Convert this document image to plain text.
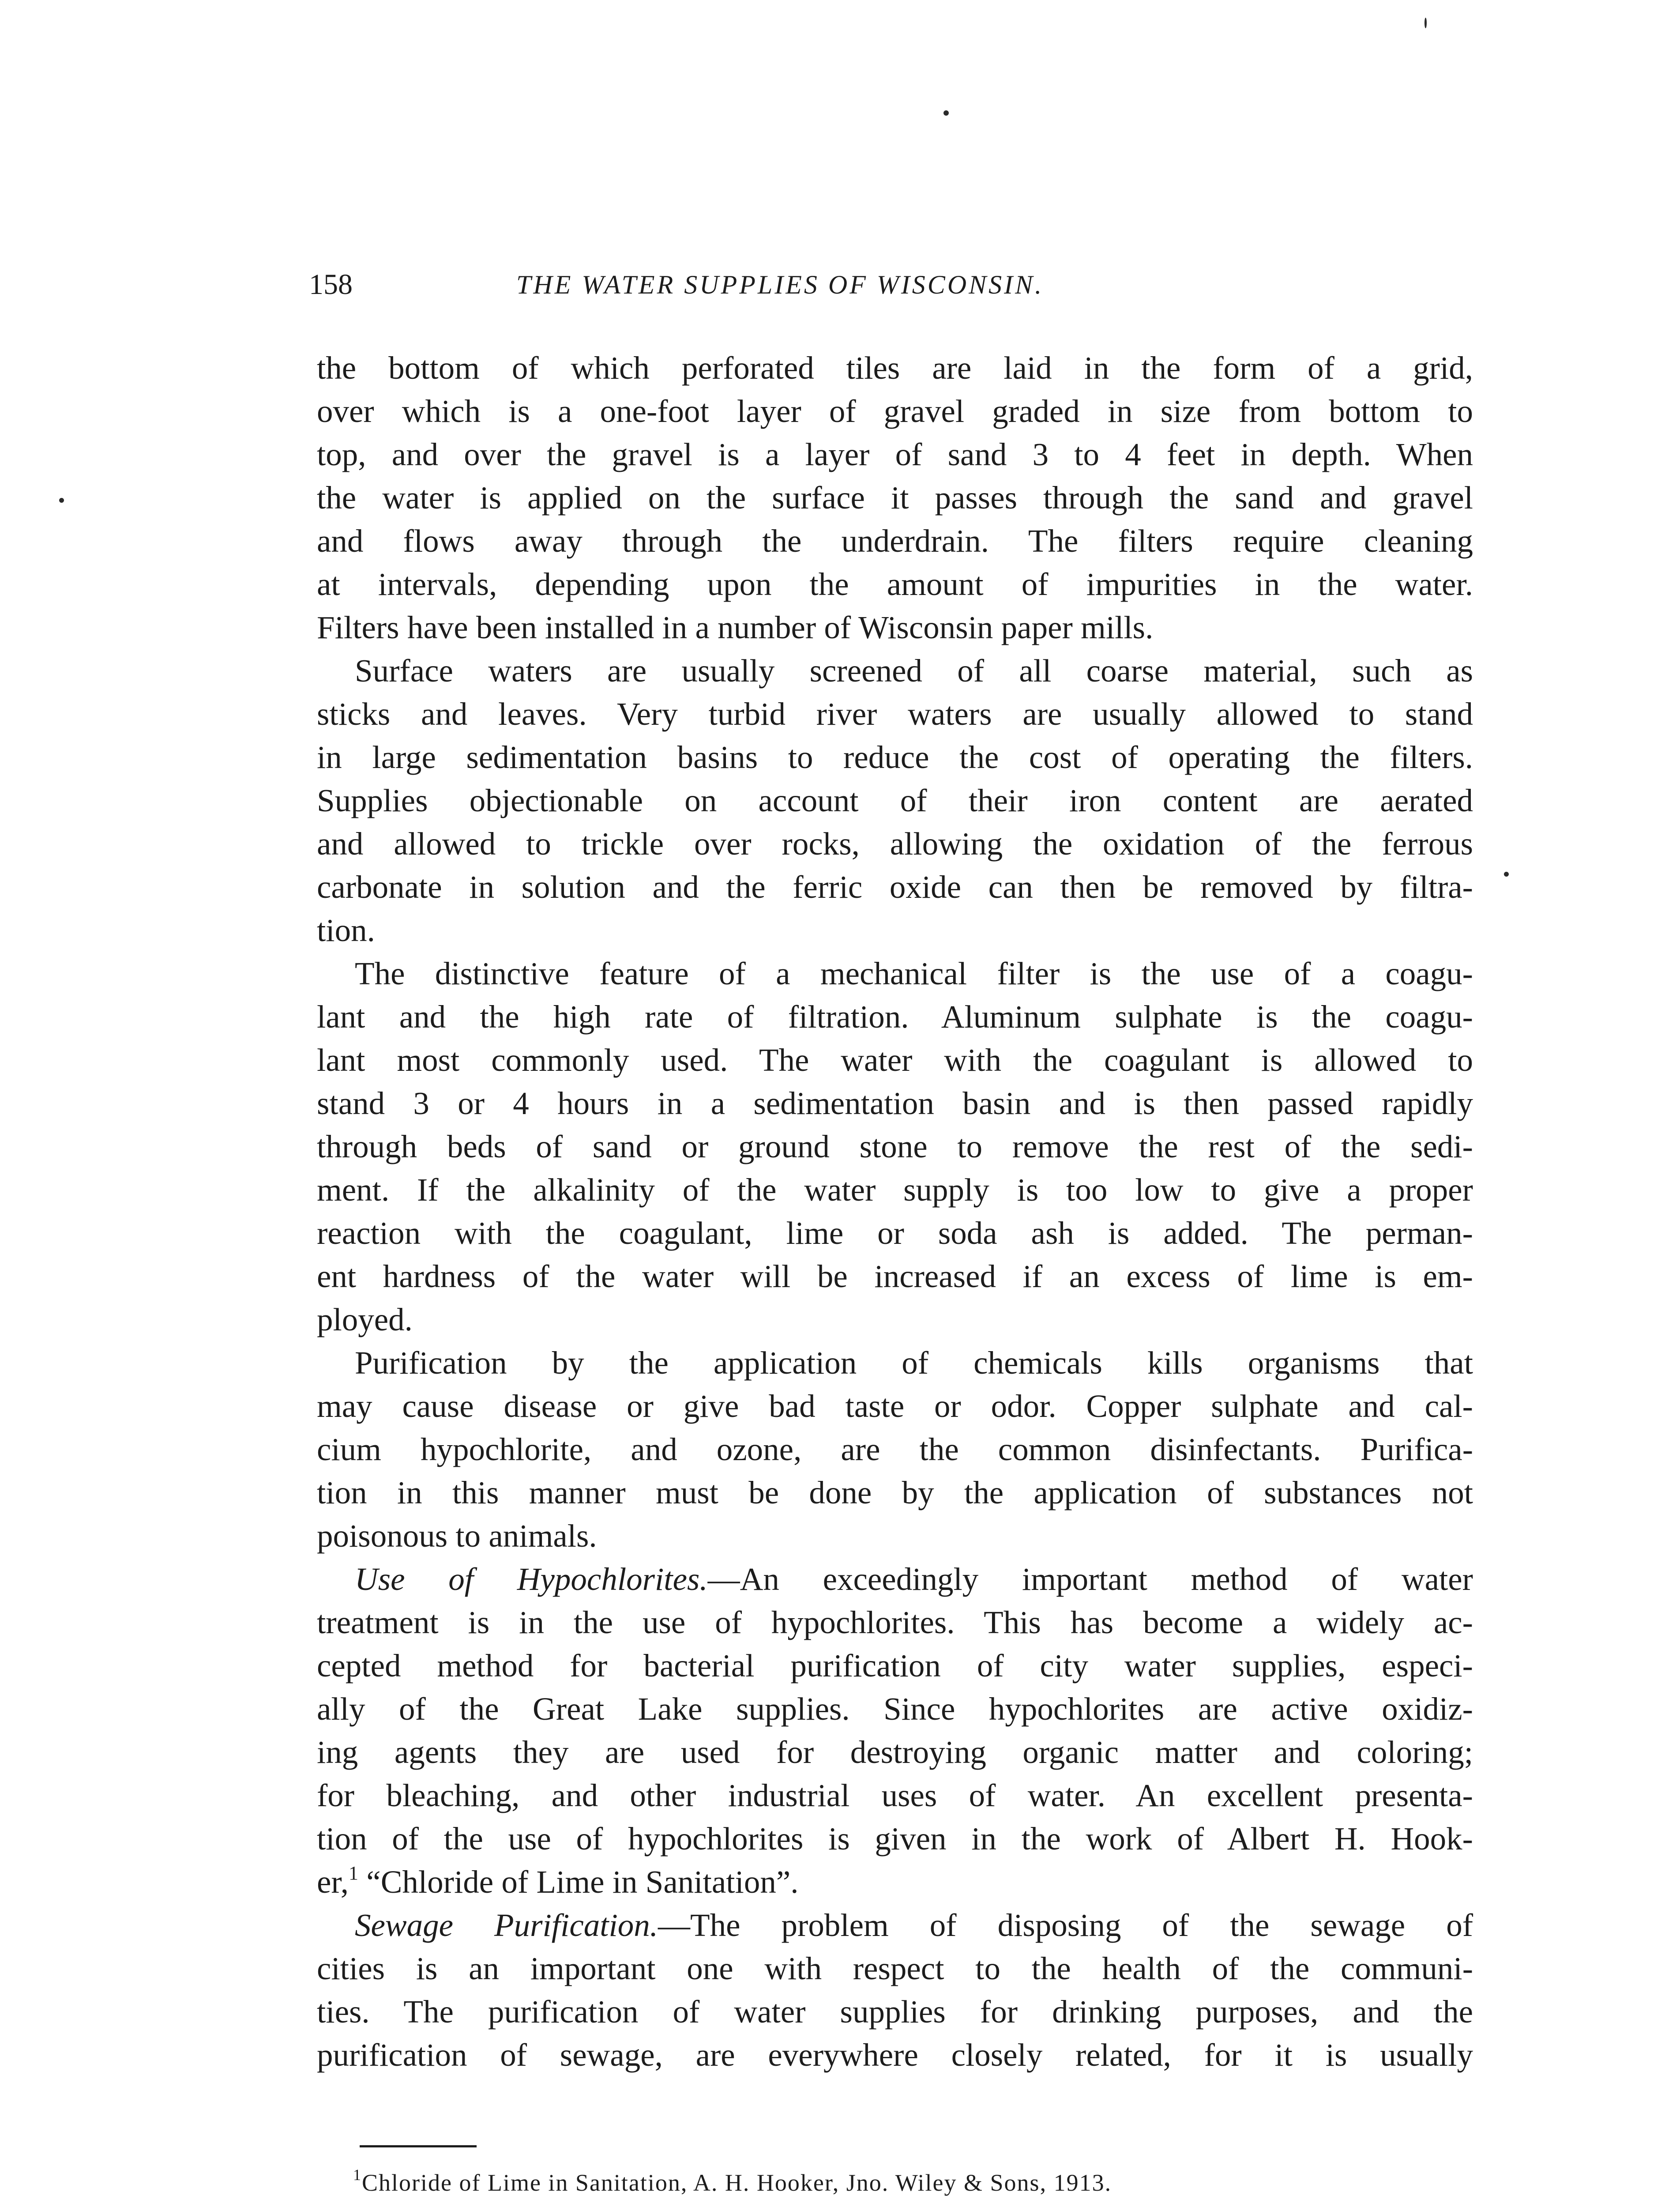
158	THE WATER SUPPLIES OF WISCONSIN.
the bottom of which perforated tiles are laid in the form of a grid,
over which is a one-foot layer of gravel graded in size from bottom to
top, and over the gravel is a layer of sand 3 to 4 feet in depth. When
the water is applied on the surface it passes through the sand and gravel
and flows away through the underdrain. The filters require cleaning
at intervals, depending upon the amount of impurities in the water.
Filters have been installed in a number of Wisconsin paper mills.
Surface waters are usually screened of all coarse material, such as
sticks and leaves. Very turbid river waters are usually allowed to stand
in large sedimentation basins to reduce the cost of operating the filters.
Supplies objectionable on account of their iron content are aerated
and allowed to trickle over rocks, allowing the oxidation of the ferrous
carbonate in solution and the ferric oxide can then be removed by filtra-
tion.
The distinctive feature of a mechanical filter is the use of a coagu-
lant and the high rate of filtration. Aluminum sulphate is the coagu-
lant most commonly used. The water with the coagulant is allowed to
stand 3 or 4 hours in a sedimentation basin and is then passed rapidly
through beds of sand or ground stone to remove the rest of the sedi-
ment. If the alkalinity of the water supply is too low to give a proper
reaction with the coagulant, lime or soda ash is added. The perman-
ent hardness of the water will be increased if an excess of lime is em-
ployed.
Purification by the application of chemicals kills organisms that
may cause disease or give bad taste or odor. Copper sulphate and cal-
cium hypochlorite, and ozone, are the common disinfectants. Purifica-
tion in this manner must be done by the application of substances not
poisonous to animals.
Use of Hypochlorites.—An exceedingly important method of water
treatment is in the use of hypochlorites. This has become a widely ac-
cepted method for bacterial purification of city water supplies, especi-
ally of the Great Lake supplies. Since hypochlorites are active oxidiz-
ing agents they are used for destroying organic matter and coloring;
for bleaching, and other industrial uses of water. An excellent presenta-
tion of the use of hypochlorites is given in the work of Albert H. Hook-
er,$^1$ “Chloride of Lime in Sanitation”.
Sewage Purification.—The problem of disposing of the sewage of
cities is an important one with respect to the health of the communi-
ties. The purification of water supplies for drinking purposes, and the
purification of sewage, are everywhere closely related, for it is usually
$^1$Chloride of Lime in Sanitation, A. H. Hooker, Jno. Wiley & Sons, 1913.
